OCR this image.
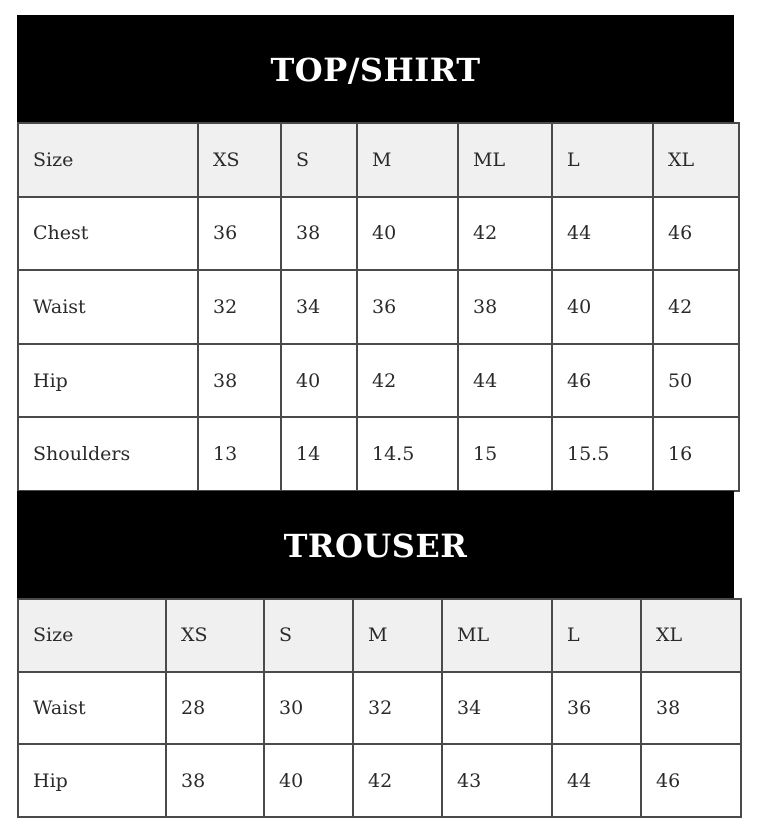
TOP/SHIRT
Size	XS	S	M	ML	L	XL
Chest	36	38	40	42	44	46
Waist	32	34	36	38	40	42
Hip	38	40	42	44	46	50
Shoulders	13	14	14.5	15	15.5	16
TROUSER
Size	XS	S	M	ML	L	XL
Waist	28	30	32	34	36	38
Hip	38	40	42	43	44	46
